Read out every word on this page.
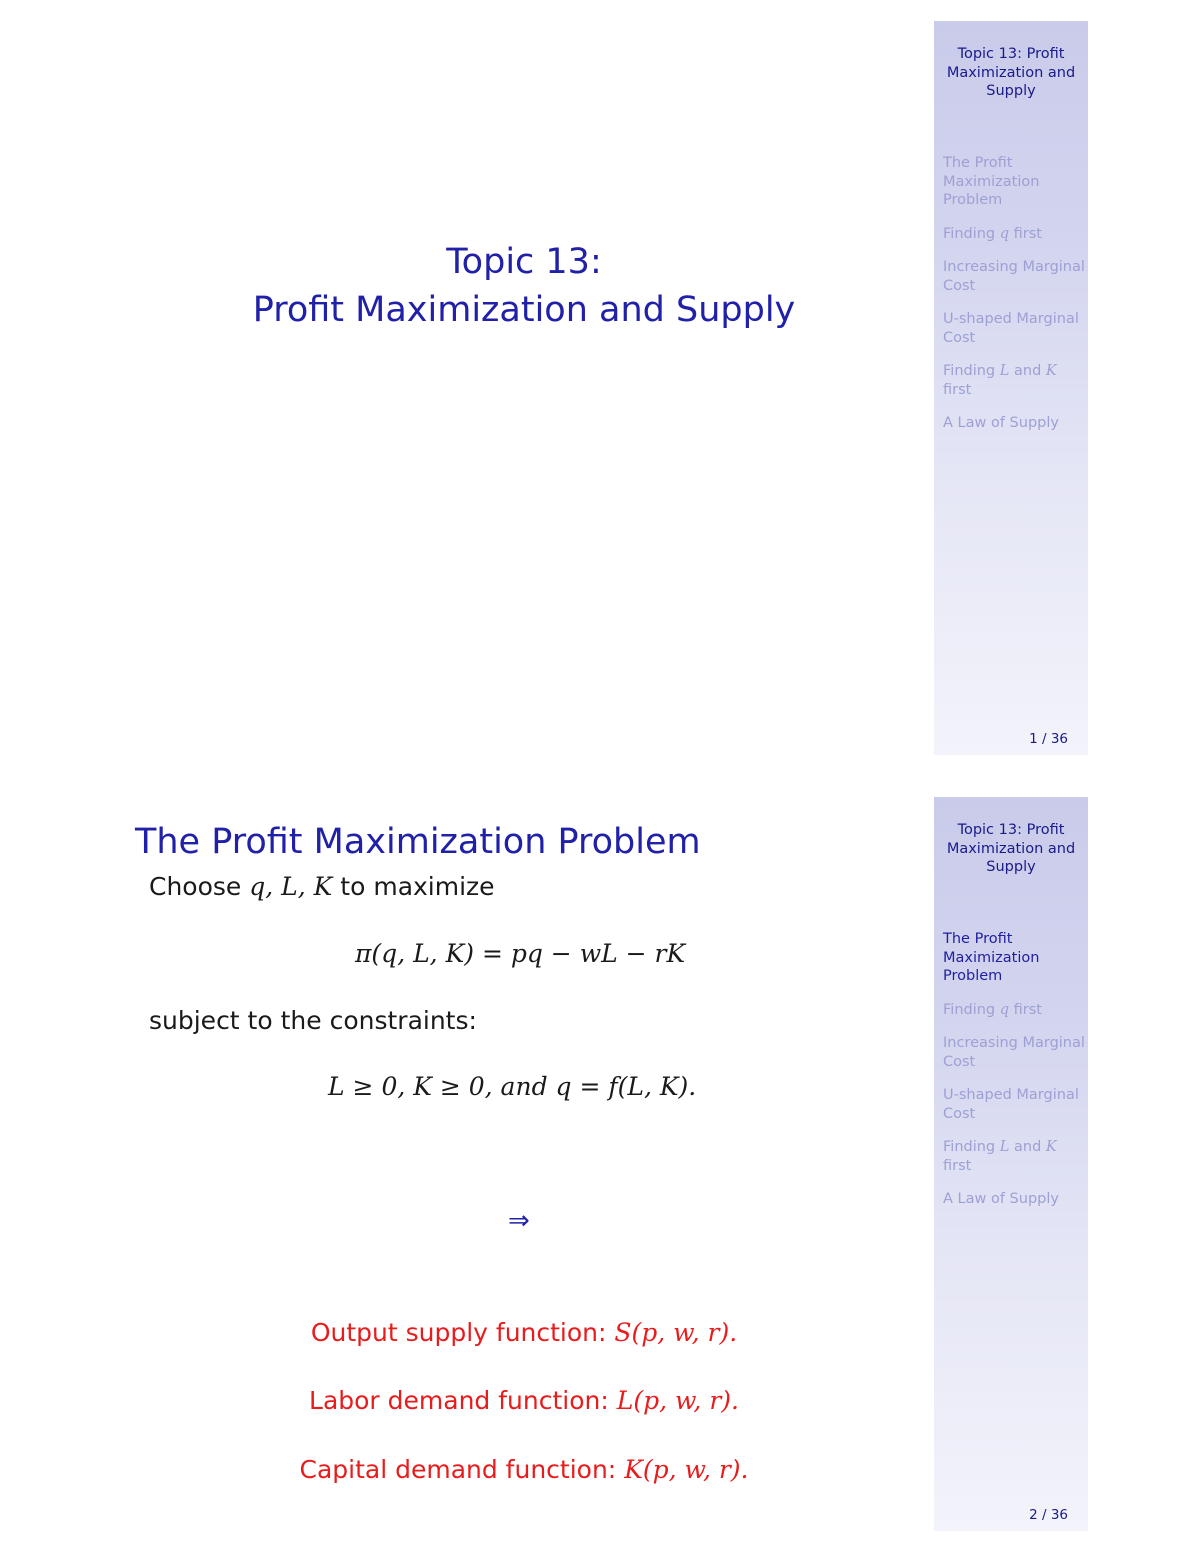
Topic 13:
Profit Maximization and Supply
Topic 13: Profit Maximization and Supply
The Profit Maximization Problem
Finding q first
Increasing Marginal Cost
U-shaped Marginal Cost
Finding L and K first
A Law of Supply
1 / 36
Topic 13: Profit Maximization and Supply
The Profit Maximization Problem
Finding q first
Increasing Marginal Cost
U-shaped Marginal Cost
Finding L and K first
A Law of Supply
2 / 36
The Profit Maximization Problem
Choose q, L, K to maximize
π(q, L, K) = pq − wL − rK
subject to the constraints:
L ≥ 0, K ≥ 0, and q = f(L, K).
⇒
Output supply function: S(p, w, r).
Labor demand function: L(p, w, r).
Capital demand function: K(p, w, r).
